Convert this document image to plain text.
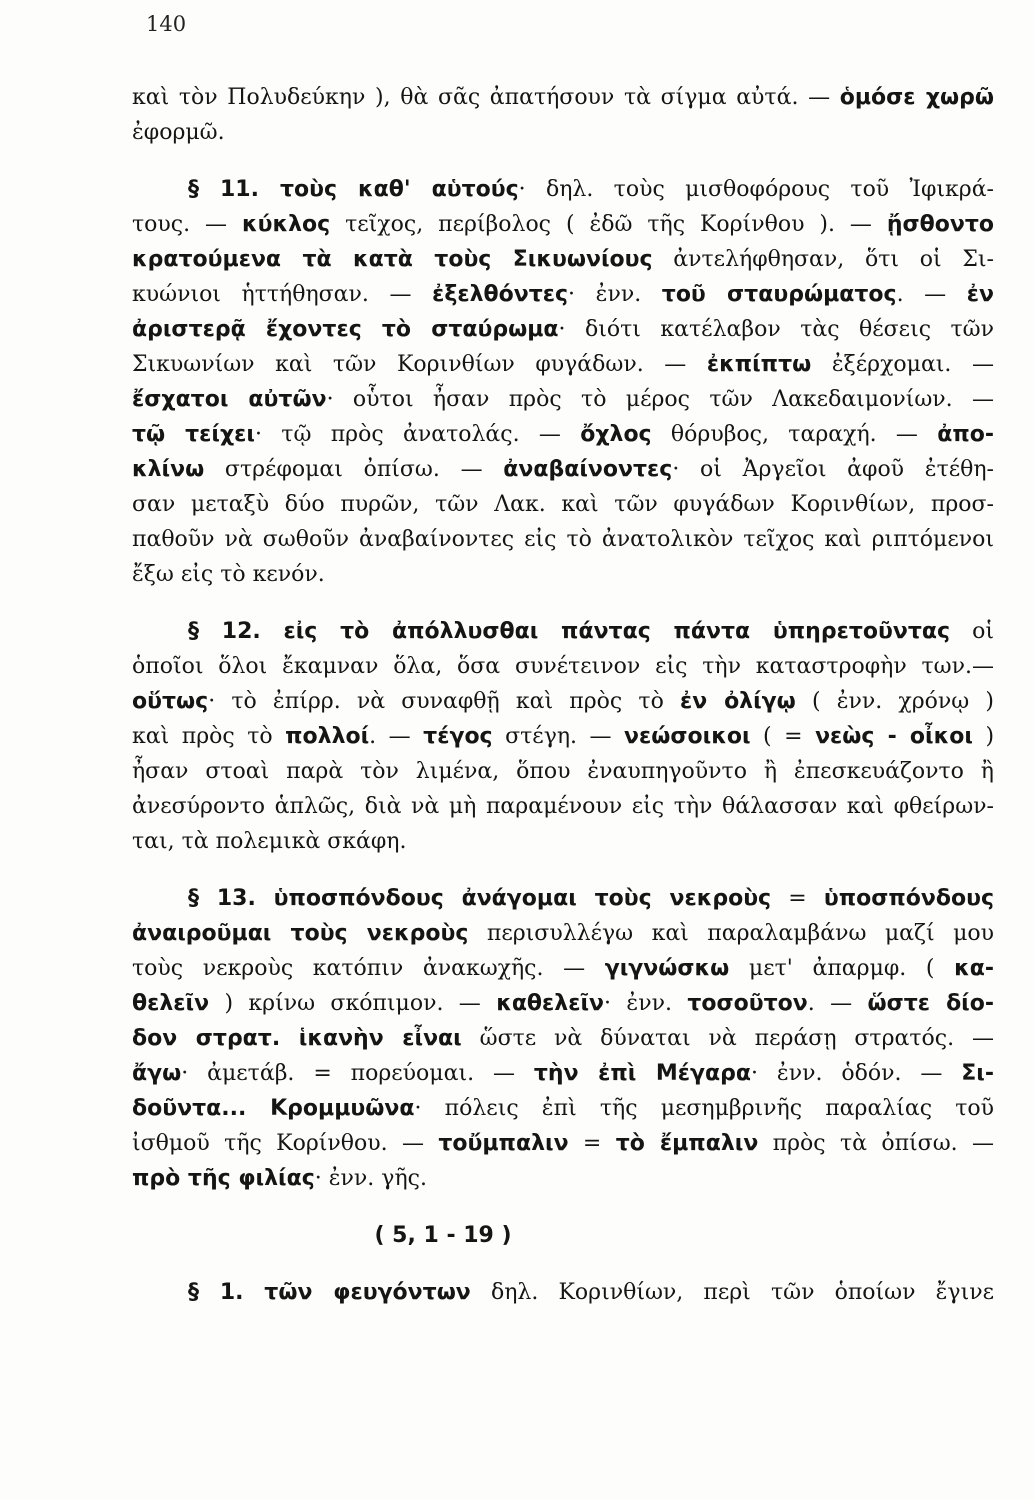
140
καὶ τὸν Πολυδεύκην ), θὰ σᾶς ἀπατήσουν τὰ σίγμα αὐτά. — ὁμόσε χωρῶ
ἐφορμῶ.
§ 11. τοὺς καθ' αὑτούς· δηλ. τοὺς μισθοφόρους τοῦ Ἰφικρά-
τους. — κύκλος τεῖχος, περίβολος ( ἐδῶ τῆς Κορίνθου ). — ᾔσθοντο
κρατούμενα τὰ κατὰ τοὺς Σικυωνίους ἀντελήφθησαν, ὅτι οἱ Σι-
κυώνιοι ἡττήθησαν. — ἐξελθόντες· ἐνν. τοῦ σταυρώματος. — ἐν
ἀριστερᾷ ἔχοντες τὸ σταύρωμα· διότι κατέλαβον τὰς θέσεις τῶν
Σικυωνίων καὶ τῶν Κορινθίων φυγάδων. — ἐκπίπτω ἐξέρχομαι. —
ἔσχατοι αὐτῶν· οὗτοι ἦσαν πρὸς τὸ μέρος τῶν Λακεδαιμονίων. —
τῷ τείχει· τῷ πρὸς ἀνατολάς. — ὄχλος θόρυβος, ταραχή. — ἀπο-
κλίνω στρέφομαι ὀπίσω. — ἀναβαίνοντες· οἱ Ἀργεῖοι ἀφοῦ ἐτέθη-
σαν μεταξὺ δύο πυρῶν, τῶν Λακ. καὶ τῶν φυγάδων Κορινθίων, προσ-
παθοῦν νὰ σωθοῦν ἀναβαίνοντες εἰς τὸ ἀνατολικὸν τεῖχος καὶ ριπτόμενοι
ἔξω εἰς τὸ κενόν.
§ 12. εἰς τὸ ἀπόλλυσθαι πάντας πάντα ὑπηρετοῦντας οἱ
ὁποῖοι ὅλοι ἔκαμναν ὅλα, ὅσα συνέτεινον εἰς τὴν καταστροφὴν των.—
οὕτως· τὸ ἐπίρρ. νὰ συναφθῇ καὶ πρὸς τὸ ἐν ὀλίγῳ ( ἐνν. χρόνῳ )
καὶ πρὸς τὸ πολλοί. — τέγος στέγη. — νεώσοικοι ( = νεὼς - οἶκοι )
ἦσαν στοαὶ παρὰ τὸν λιμένα, ὅπου ἐναυπηγοῦντο ἢ ἐπεσκευάζοντο ἢ
ἀνεσύροντο ἁπλῶς, διὰ νὰ μὴ παραμένουν εἰς τὴν θάλασσαν καὶ φθείρων-
ται, τὰ πολεμικὰ σκάφη.
§ 13. ὑποσπόνδους ἀνάγομαι τοὺς νεκροὺς = ὑποσπόνδους
ἀναιροῦμαι τοὺς νεκροὺς περισυλλέγω καὶ παραλαμβάνω μαζί μου
τοὺς νεκροὺς κατόπιν ἀνακωχῆς. — γιγνώσκω μετ' ἀπαρμφ. ( κα-
θελεῖν ) κρίνω σκόπιμον. — καθελεῖν· ἐνν. τοσοῦτον. — ὥστε δίο-
δον στρατ. ἱκανὴν εἶναι ὥστε νὰ δύναται νὰ περάσῃ στρατός. —
ἄγω· ἀμετάβ. = πορεύομαι. — τὴν ἐπὶ Μέγαρα· ἐνν. ὁδόν. — Σι-
δοῦντα... Κρομμυῶνα· πόλεις ἐπὶ τῆς μεσημβρινῆς παραλίας τοῦ
ἰσθμοῦ τῆς Κορίνθου. — τοὔμπαλιν = τὸ ἔμπαλιν πρὸς τὰ ὀπίσω. —
πρὸ τῆς φιλίας· ἐνν. γῆς.
( 5, 1 - 19 )
§ 1. τῶν φευγόντων δηλ. Κορινθίων, περὶ τῶν ὁποίων ἔγινε
